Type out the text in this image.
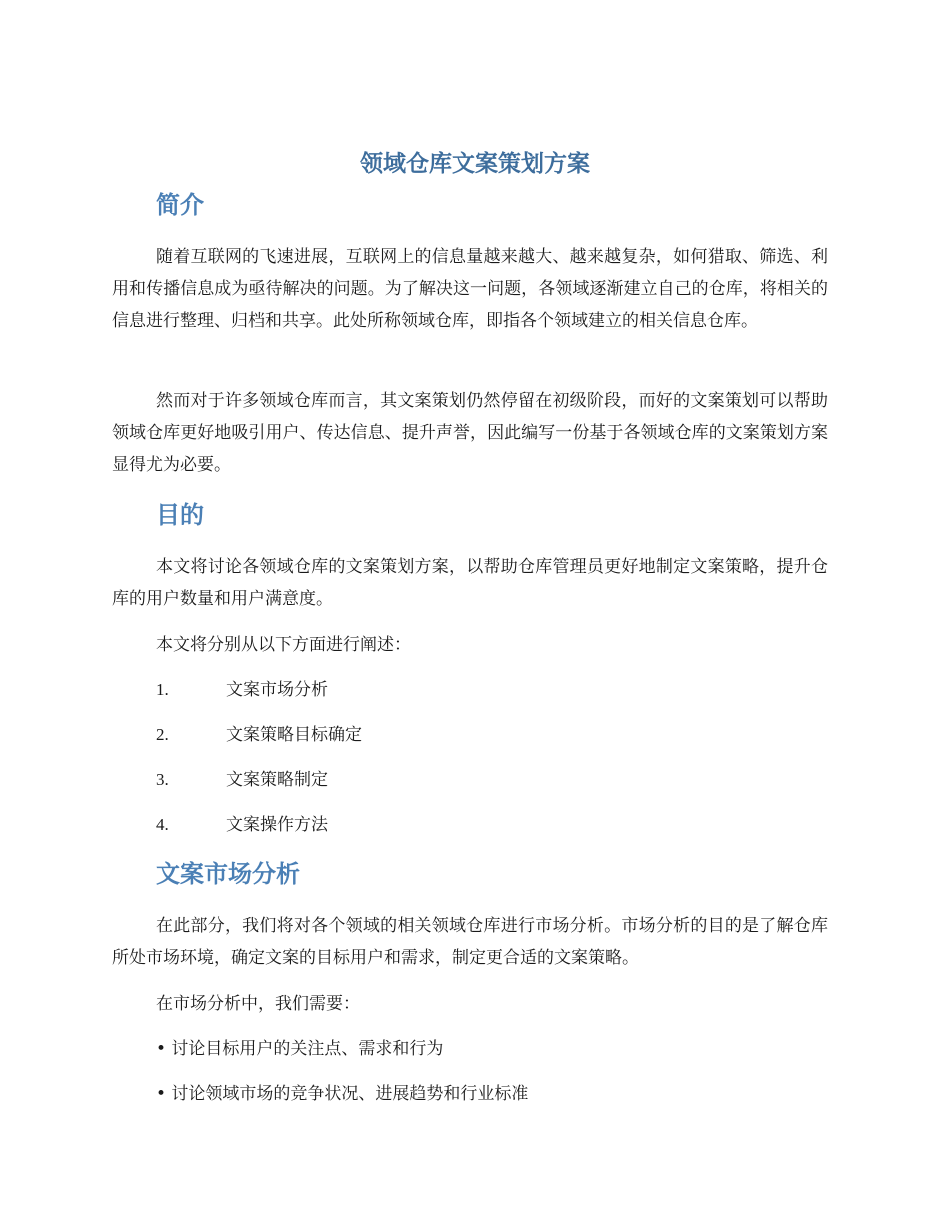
领域仓库文案策划方案
简介
随着互联网的飞速进展，互联网上的信息量越来越大、越来越复杂，如何猎取、筛选、利用和传播信息成为亟待解决的问题。为了解决这一问题，各领域逐渐建立自己的仓库，将相关的信息进行整理、归档和共享。此处所称领域仓库，即指各个领域建立的相关信息仓库。
然而对于许多领域仓库而言，其文案策划仍然停留在初级阶段，而好的文案策划可以帮助领域仓库更好地吸引用户、传达信息、提升声誉，因此编写一份基于各领域仓库的文案策划方案显得尤为必要。
目的
本文将讨论各领域仓库的文案策划方案，以帮助仓库管理员更好地制定文案策略，提升仓库的用户数量和用户满意度。
本文将分别从以下方面进行阐述：
1.	文案市场分析
2.	文案策略目标确定
3.	文案策略制定
4.	文案操作方法
文案市场分析
在此部分，我们将对各个领域的相关领域仓库进行市场分析。市场分析的目的是了解仓库所处市场环境，确定文案的目标用户和需求，制定更合适的文案策略。
在市场分析中，我们需要：
• 讨论目标用户的关注点、需求和行为
• 讨论领域市场的竞争状况、进展趋势和行业标准
